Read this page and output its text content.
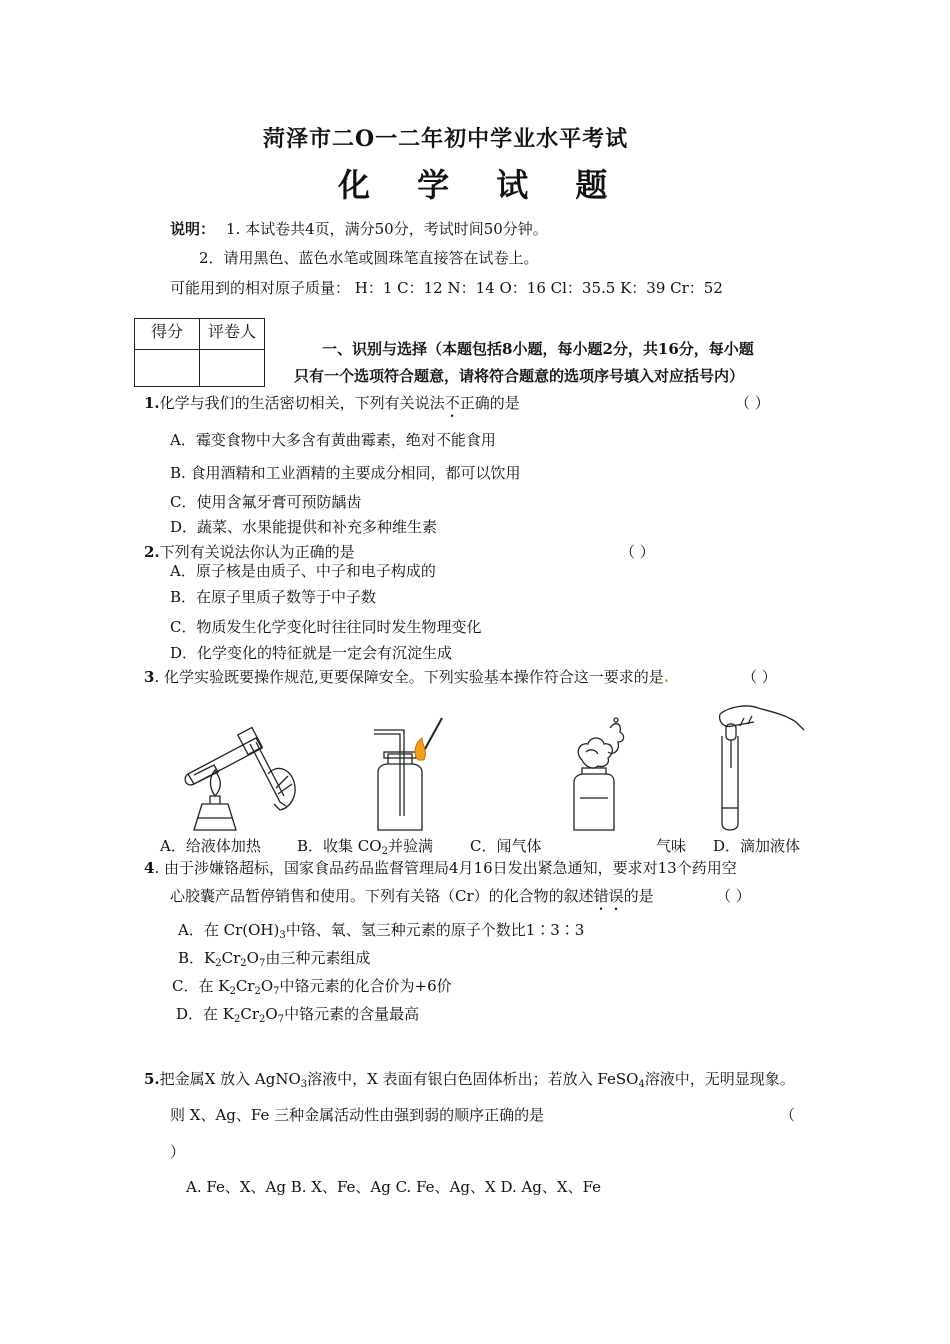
菏泽市二O一二年初中学业水平考试
化 学 试 题
说明： 1. 本试卷共4页，满分50分，考试时间50分钟。
2．请用黑色、蓝色水笔或圆珠笔直接答在试卷上。
可能用到的相对原子质量： H：1 C：12 N：14 O：16 Cl：35.5 K：39 Cr：52
得分	评卷人

一、识别与选择（本题包括8小题，每小题2分，共16分，每小题
只有一个选项符合题意，请将符合题意的选项序号填入对应括号内）
1.化学与我们的生活密切相关，下列有关说法不正确的是	（ ）
A．霉变食物中大多含有黄曲霉素，绝对不能食用
B. 食用酒精和工业酒精的主要成分相同，都可以饮用
C．使用含氟牙膏可预防龋齿
D．蔬菜、水果能提供和补充多种维生素
2.下列有关说法你认为正确的是	（ ）
A．原子核是由质子、中子和电子构成的
B．在原子里质子数等于中子数
C．物质发生化学变化时往往同时发生物理变化
D．化学变化的特征就是一定会有沉淀生成
3. 化学实验既要操作规范,更要保障安全。下列实验基本操作符合这一要求的是.	（ ）
A．给液体加热 B．收集 $CO_2$并验满 C．闻气体	气味 D．滴加液体
4. 由于涉嫌铬超标，国家食品药品监督管理局4月16日发出紧急通知，要求对13个药用空
心胶囊产品暂停销售和使用。下列有关铬（Cr）的化合物的叙述错误的是	（ ）
A．在 $Cr(OH)_3$中铬、氧、氢三种元素的原子个数比1∶3∶3
B．$K_2Cr_2O_7$由三种元素组成
C．在 $K_2Cr_2O_7$中铬元素的化合价为+6价
D．在 $K_2Cr_2O_7$中铬元素的含量最高
5.把金属X 放入 AgNO$_3$溶液中，X 表面有银白色固体析出；若放入 FeSO$_4$溶液中，无明显现象。
则 X、Ag、Fe 三种金属活动性由强到弱的顺序正确的是	（
）
A. Fe、X、Ag B. X、Fe、Ag C. Fe、Ag、X D. Ag、X、Fe
